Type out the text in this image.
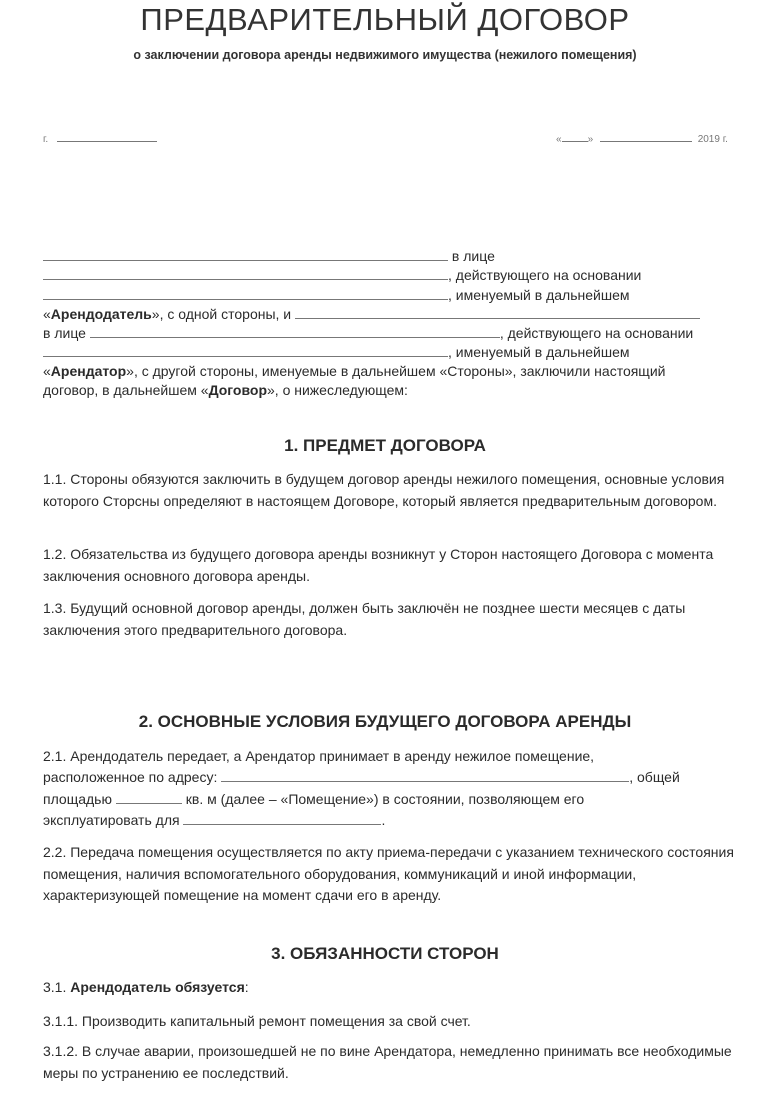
ПРЕДВАРИТЕЛЬНЫЙ ДОГОВОР
о заключении договора аренды недвижимого имущества (нежилого помещения)
г.	«	»	2019 г.
в лице
, действующего на основании
, именуемый в дальнейшем
«Арендодатель», с одной стороны, и
в лице	, действующего на основании
, именуемый в дальнейшем
«Арендатор», с другой стороны, именуемые в дальнейшем «Стороны», заключили настоящий
договор, в дальнейшем «Договор», о нижеследующем:
1. ПРЕДМЕТ ДОГОВОРА
1.1. Стороны обязуются заключить в будущем договор аренды нежилого помещения, основные условия которого Сторсны определяют в настоящем Договоре, который является предварительным договором.
1.2. Обязательства из будущего договора аренды возникнут у Сторон настоящего Договора с момента заключения основного договора аренды.
1.3. Будущий основной договор аренды, должен быть заключён не позднее шести месяцев с даты заключения этого предварительного договора.
2. ОСНОВНЫЕ УСЛОВИЯ БУДУЩЕГО ДОГОВОРА АРЕНДЫ
2.1. Арендодатель передает, а Арендатор принимает в аренду нежилое помещение,
расположенное по адресу:	, общей
площадью	кв. м (далее – «Помещение») в состоянии, позволяющем его
эксплуатировать для	.
2.2. Передача помещения осуществляется по акту приема-передачи с указанием технического состояния помещения, наличия вспомогательного оборудования, коммуникаций и иной информации, характеризующей помещение на момент сдачи его в аренду.
3. ОБЯЗАННОСТИ СТОРОН
3.1. Арендодатель обязуется:
3.1.1. Производить капитальный ремонт помещения за свой счет.
3.1.2. В случае аварии, произошедшей не по вине Арендатора, немедленно принимать все необходимые меры по устранению ее последствий.
